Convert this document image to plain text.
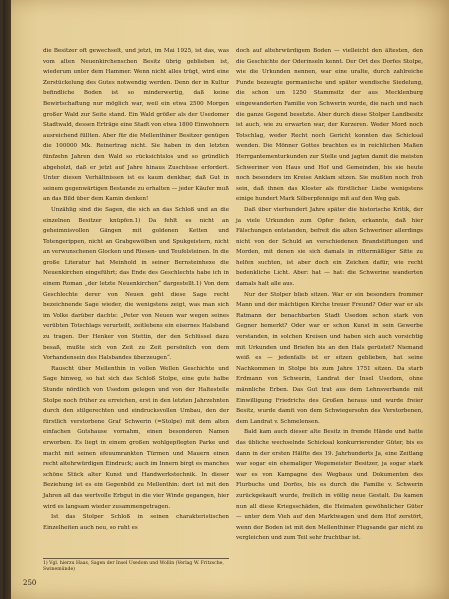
die Besitzer oft gewechselt, und jetzt, im Mai 1925, ist das, was vom alten Neuenkirchenschen Besitz übrig geblieben ist, wiederum unter dem Hammer. Wenn nicht alles trügt, wird eine Zerstückelung des Gutes notwendig werden. Denn der in Kultur befindliche Boden ist so minderwertig, daß keine Bewirtschaftung nur möglich war, weil ein etwa 2500 Morgen großer Wald zur Seite stand. Ein Wald größer als der Usedomer Stadtwald, dessen Erträge eine Stadt von etwa 1800 Einwohnern ausreichend füllten. Aber für die Mellenthiner Besitzer genügen die 100000 Mk. Reinertrag nicht. Sie haben in den letzten fünfzehn Jahren den Wald so rücksichtslos und so gründlich abgeholzt, daß er jetzt auf Jahre hinaus Zuschüsse erfordert. Unter diesen Verhältnissen ist es kaum denkbar, daß Gut in seinem gegenwärtigen Bestande zu erhalten — jeder Käufer muß an das Bild über dem Kamin denken!

Unzählig sind die Sagen, die sich an das Schloß und an die einzelnen Besitzer knüpfen.1) Da fehlt es nicht an geheimnisvollen Gängen mit goldenen Ketten und Totengerippen, nicht an Grabgewölben und Spukgeistern, nicht an verwunschenen Glocken und Riesen- und Teufelsteinen. In die große Literatur hat Meinhold in seiner Bernsteinhexe die Neuenkirchen eingeführt; das Ende des Geschlechts habe ich in einem Roman „der letzte Neuenkirchen“ dargestellt.1) Von dem Geschlechte derer von Neuen geht diese Sage recht bezeichnende Sage wieder, die wenigstens zeigt, was man sich im Volke darüber dachte: „Peter von Neuen war wegen seines verübten Totschlags verurteilt, zeitlebens ein eisernes Halsband zu tragen. Der Henker von Stettin, der den Schlüssel dazu besaß, mußte sich von Zeit zu Zeit persönlich von dem Vorhandensein des Halsbandes überzeugen“.

Rauscht über Mellenthin in vollen Wellen Geschichte und Sage hinweg, so hat sich das Schloß Stolpe, eine gute halbe Stunde nördlich von Usedom gelegen und von der Haltestelle Stolpe noch früher zu erreichen, erst in den letzten Jahrzehnten durch den stilgerechten und eindrucksvollen Umbau, den der fürstlich verstorbene Graf Schwerin (=Stolpe) mit dem alten einfachen Gutshause vornahm, einen besonderen Namen erworben. Es liegt in einem großen wohlgepflegten Parke und macht mit seinen efeuumrankten Türmen und Mauern einen recht altehrwürdigen Eindruck; auch im Innern birgt es manches schöne Stück alter Kunst und Handwerkstechnik. In dieser Beziehung ist es ein Gegenbild zu Mellenthin: dort ist mit den Jahren all das wertvolle Erbgut in die vier Winde gegangen, hier wird es langsam wieder zusammengetragen.

Ist das Stolper Schloß in seinen charakteristischen Einzelheiten auch neu, so ruht es

doch auf altehrwürdigem Boden — vielleicht den ältesten, den die Geschichte der Oderinseln kennt. Der Ort des Dorfes Stolpe, wie die Urkunden nennen, war eine uralte, durch zahlreiche Funde bezeugte germanische und später wendische Siedelung, die schon um 1250 Stammsitz der aus Mecklenburg eingewanderten Familie von Schwerin wurde, die nach und nach die ganze Gegend besetzte. Aber durch diese Stolper Landbesitz ist auch, wie zu erwarten war, der Kurzeren. Weder Mord noch Totschlag, weder Recht noch Gericht konnten das Schicksal wenden. Die Mönner Gottes brachten es in reichlichen Maßen Herrgantementurkunden zur Stelle und jagten damit die meisten Schweriner von Haus und Hof und Gemeinden, bis sie heute noch besonders im Kreise Anklam sitzen. Sie mußten noch froh sein, daß ihnen das Kloster als fürstlicher Liebe wenigstens einige hundert Mark Silberpfennige mit auf den Weg gab.

Daß über vierhundert Jahre später die historische Kritik, der ja viele Urkunden zum Opfer fielen, erkannte, daß hier Fälschungen entstanden, befreit die alten Schweriner allerdings nicht von der Schuld an verschiedenen Brandstiftungen und Morden, mit denen sie sich damals in rittermäßiger Sitte zu helfen suchten, ist aber doch ein Zeichen dafür, wie recht bedenkliche Licht. Aber: hat — hat: die Schwerine wanderten damals halt alle aus.

Nur der Stolper blieb sitzen. War er ein besonders frommer Mann und der mächtigen Kirche treuer Freund? Oder war er als Ratmann der benachbarten Stadt Usedom schon stark von Gegner bemerkt? Oder war er schon Kunst in sein Gewerbe verstanden, in solchen Kreisen und haben sich auch vorsichtig mit Urkunden und Briefen bis an den Hals gerüstet? Niemand weiß es — jedenfalls ist er sitzen geblieben, hat seine Nachkommen in Stolpe bis zum Jahre 1751 sitzen. Da starb Erdmann von Schwerin, Landrat der Insel Usedom, ohne männliche Erben. Das Gut trat aus dem Lehnsverbande mit Einwilligung Friedrichs des Großen heraus und wurde freier Besitz, wurde damit von dem Schwiegersohn des Verstorbenen, dem Landrat v. Schmelensen.

Bald kam auch dieser alte Besitz in fremde Hände und hatte das übliche wechselnde Schicksal konkurrierender Güter, bis es dann in der ersten Hälfte des 19. Jahrhunderts Ja, eine Zeitlang war sogar ein ehemaliger Wegemeister Besitzer, ja sogar stark war es von Kampagne des Wegbaus und Dokumenten des Flurbuchs und Dorfes, bis es durch die Familie v. Schwerin zurückgekauft wurde, freilich in völlig neue Gestalt. Da kamen nun all diese Kriegsschäden, die Heimaten gewöhnlicher Güter — unter dem Vieh auf den Marktwagen und dem Hof zerstört, wenn der Boden ist mit den Mellenthiner Flugsande gar nicht zu vergleichen und zum Teil sehr fruchtbar ist.

1) Vgl. hierzu Haas, Sagen der Insel Usedom und Wollin (Verlag W. Fritzsche, Swinemünde)
250
